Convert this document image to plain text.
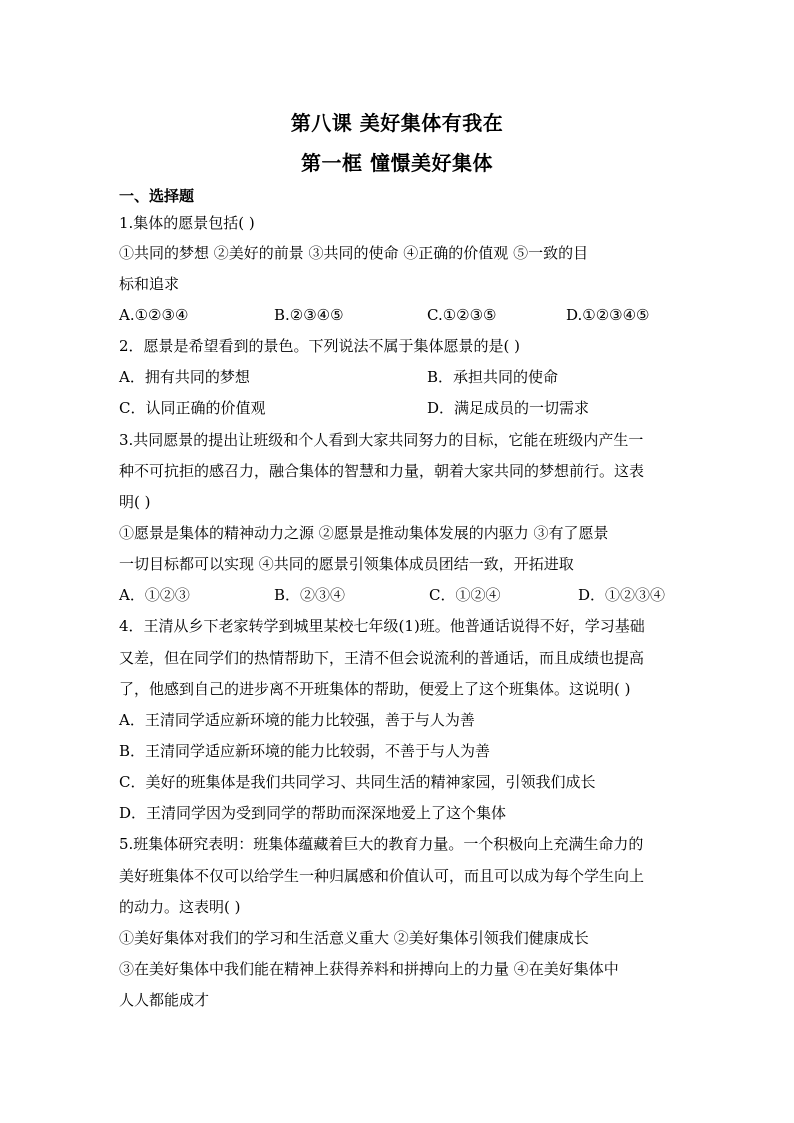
第八课 美好集体有我在
第一框 憧憬美好集体
一、选择题
1.集体的愿景包括( )
①共同的梦想 ②美好的前景 ③共同的使命 ④正确的价值观 ⑤一致的目
标和追求
A.①②③④	B.②③④⑤	C.①②③⑤	D.①②③④⑤
2．愿景是希望看到的景色。下列说法不属于集体愿景的是( )
A．拥有共同的梦想	B．承担共同的使命
C．认同正确的价值观	D．满足成员的一切需求
3.共同愿景的提出让班级和个人看到大家共同努力的目标，它能在班级内产生一
种不可抗拒的感召力，融合集体的智慧和力量，朝着大家共同的梦想前行。这表
明( )
①愿景是集体的精神动力之源 ②愿景是推动集体发展的内驱力 ③有了愿景
一切目标都可以实现 ④共同的愿景引领集体成员团结一致，开拓进取
A．①②③	B．②③④	C．①②④	D．①②③④
4．王清从乡下老家转学到城里某校七年级(1)班。他普通话说得不好，学习基础
又差，但在同学们的热情帮助下，王清不但会说流利的普通话，而且成绩也提高
了，他感到自己的进步离不开班集体的帮助，便爱上了这个班集体。这说明( )
A．王清同学适应新环境的能力比较强，善于与人为善
B．王清同学适应新环境的能力比较弱，不善于与人为善
C．美好的班集体是我们共同学习、共同生活的精神家园，引领我们成长
D．王清同学因为受到同学的帮助而深深地爱上了这个集体
5.班集体研究表明：班集体蕴藏着巨大的教育力量。一个积极向上充满生命力的
美好班集体不仅可以给学生一种归属感和价值认可，而且可以成为每个学生向上
的动力。这表明( )
①美好集体对我们的学习和生活意义重大 ②美好集体引领我们健康成长
③在美好集体中我们能在精神上获得养料和拼搏向上的力量 ④在美好集体中
人人都能成才
